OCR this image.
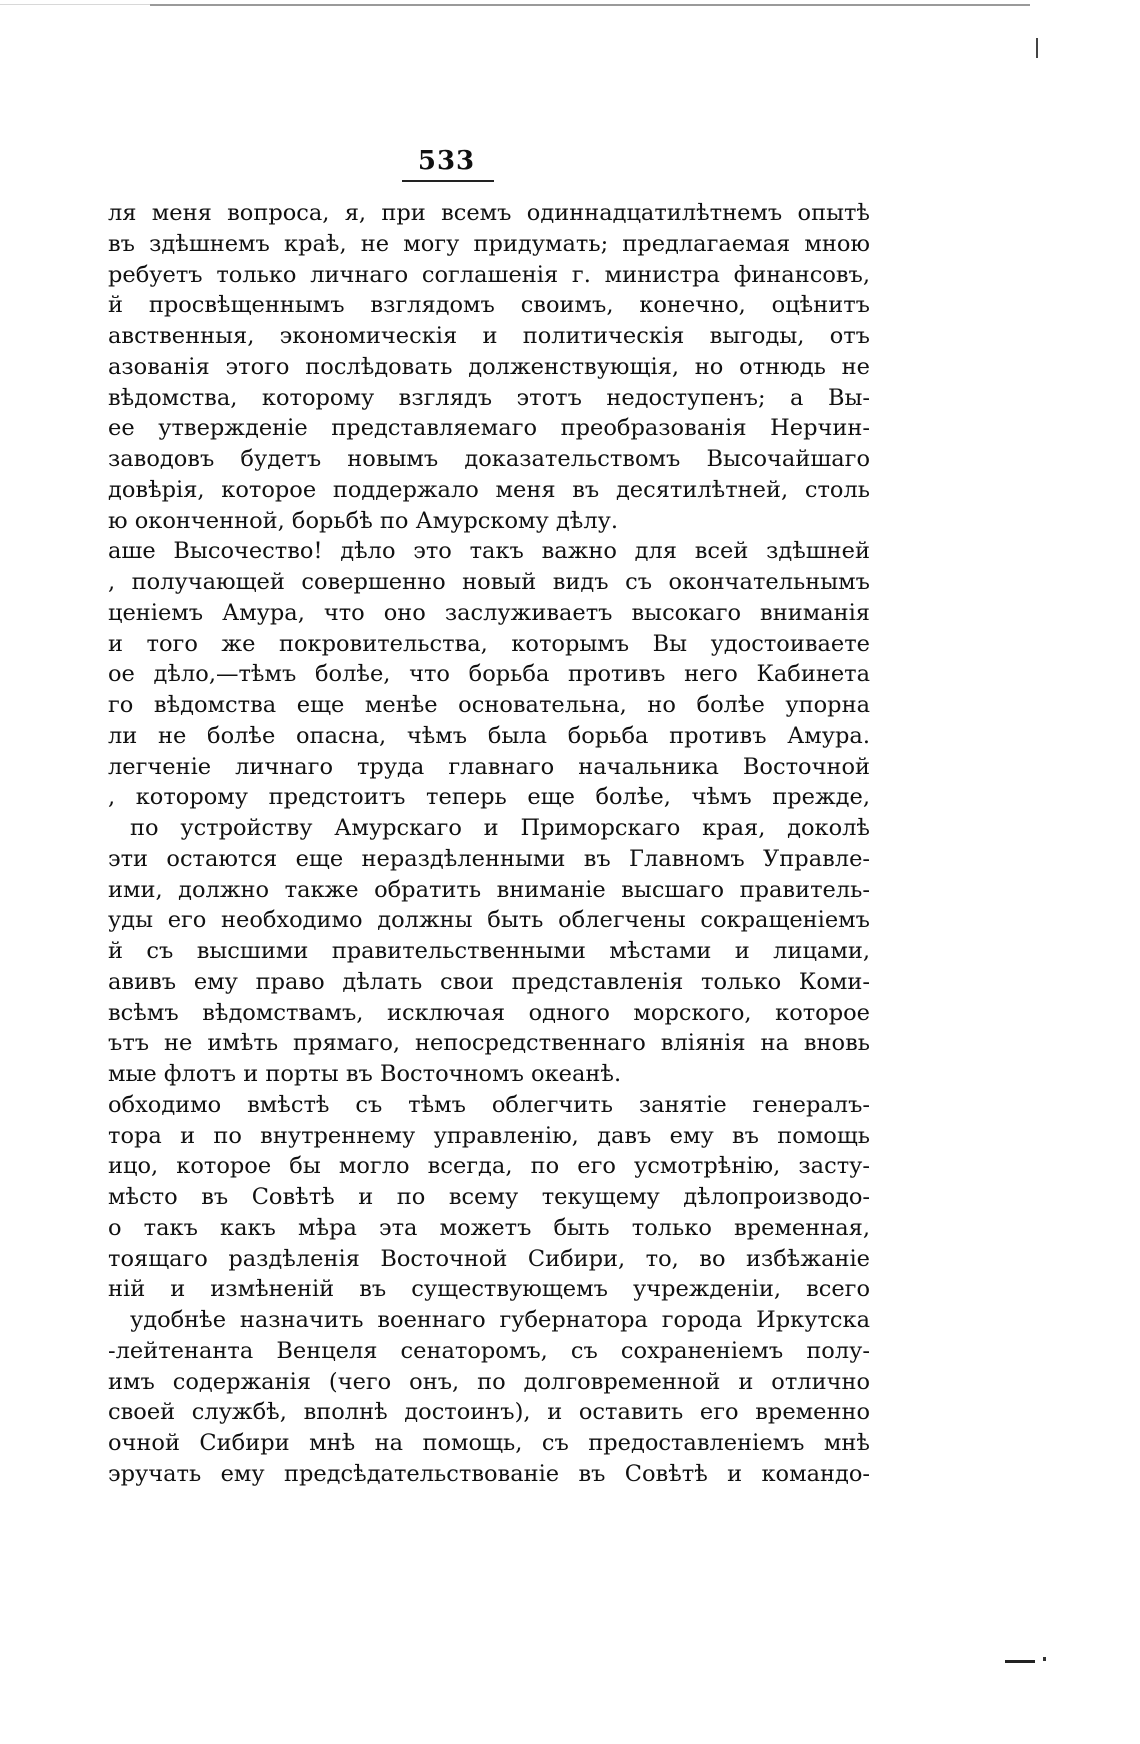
533
ля меня вопроса, я, при всемъ одиннадцатилѣтнемъ опытѣ
въ здѣшнемъ краѣ, не могу придумать; предлагаемая мною
ребуетъ только личнаго соглашенія г. министра финансовъ,
й просвѣщеннымъ взглядомъ своимъ, конечно, оцѣнитъ
авственныя, экономическія и политическія выгоды, отъ
азованія этого послѣдовать долженствующія, но отнюдь не
вѣдомства, которому взглядъ этотъ недоступенъ; а Вы-
ее утвержденіе представляемаго преобразованія Нерчин-
заводовъ будетъ новымъ доказательствомъ Высочайшаго
довѣрія, которое поддержало меня въ десятилѣтней, столь
ю оконченной, борьбѣ по Амурскому дѣлу.
аше Высочество! дѣло это такъ важно для всей здѣшней
, получающей совершенно новый видъ съ окончательнымъ
ценіемъ Амура, что оно заслуживаетъ высокаго вниманія
и того же покровительства, которымъ Вы удостоиваете
ое дѣло,—тѣмъ болѣе, что борьба противъ него Кабинета
го вѣдомства еще менѣе основательна, но болѣе упорна
ли не болѣе опасна, чѣмъ была борьба противъ Амура.
легченіе личнаго труда главнаго начальника Восточной
, которому предстоитъ теперь еще болѣе, чѣмъ прежде,
по устройству Амурскаго и Приморскаго края, доколѣ
эти остаются еще нераздѣленными въ Главномъ Управле-
ими, должно также обратить вниманіе высшаго правитель-
уды его необходимо должны быть облегчены сокращеніемъ
й съ высшими правительственными мѣстами и лицами,
авивъ ему право дѣлать свои представленія только Коми-
всѣмъ вѣдомствамъ, исключая одного морского, которое
ътъ не имѣть прямаго, непосредственнаго вліянія на вновь
мые флотъ и порты въ Восточномъ океанѣ.
обходимо вмѣстѣ съ тѣмъ облегчить занятіе генералъ-
тора и по внутреннему управленію, давъ ему въ помощь
ицо, которое бы могло всегда, по его усмотрѣнію, засту-
мѣсто въ Совѣтѣ и по всему текущему дѣлопроизводо-
о такъ какъ мѣра эта можетъ быть только временная,
тоящаго раздѣленія Восточной Сибири, то, во избѣжаніе
ній и измѣненій въ существующемъ учрежденіи, всего
удобнѣе назначить военнаго губернатора города Иркутска
-лейтенанта Венцеля сенаторомъ, съ сохраненіемъ полу-
имъ содержанія (чего онъ, по долговременной и отлично
своей службѣ, вполнѣ достоинъ), и оставить его временно
очной Сибири мнѣ на помощь, съ предоставленіемъ мнѣ
эручать ему предсѣдательствованіе въ Совѣтѣ и командо-
